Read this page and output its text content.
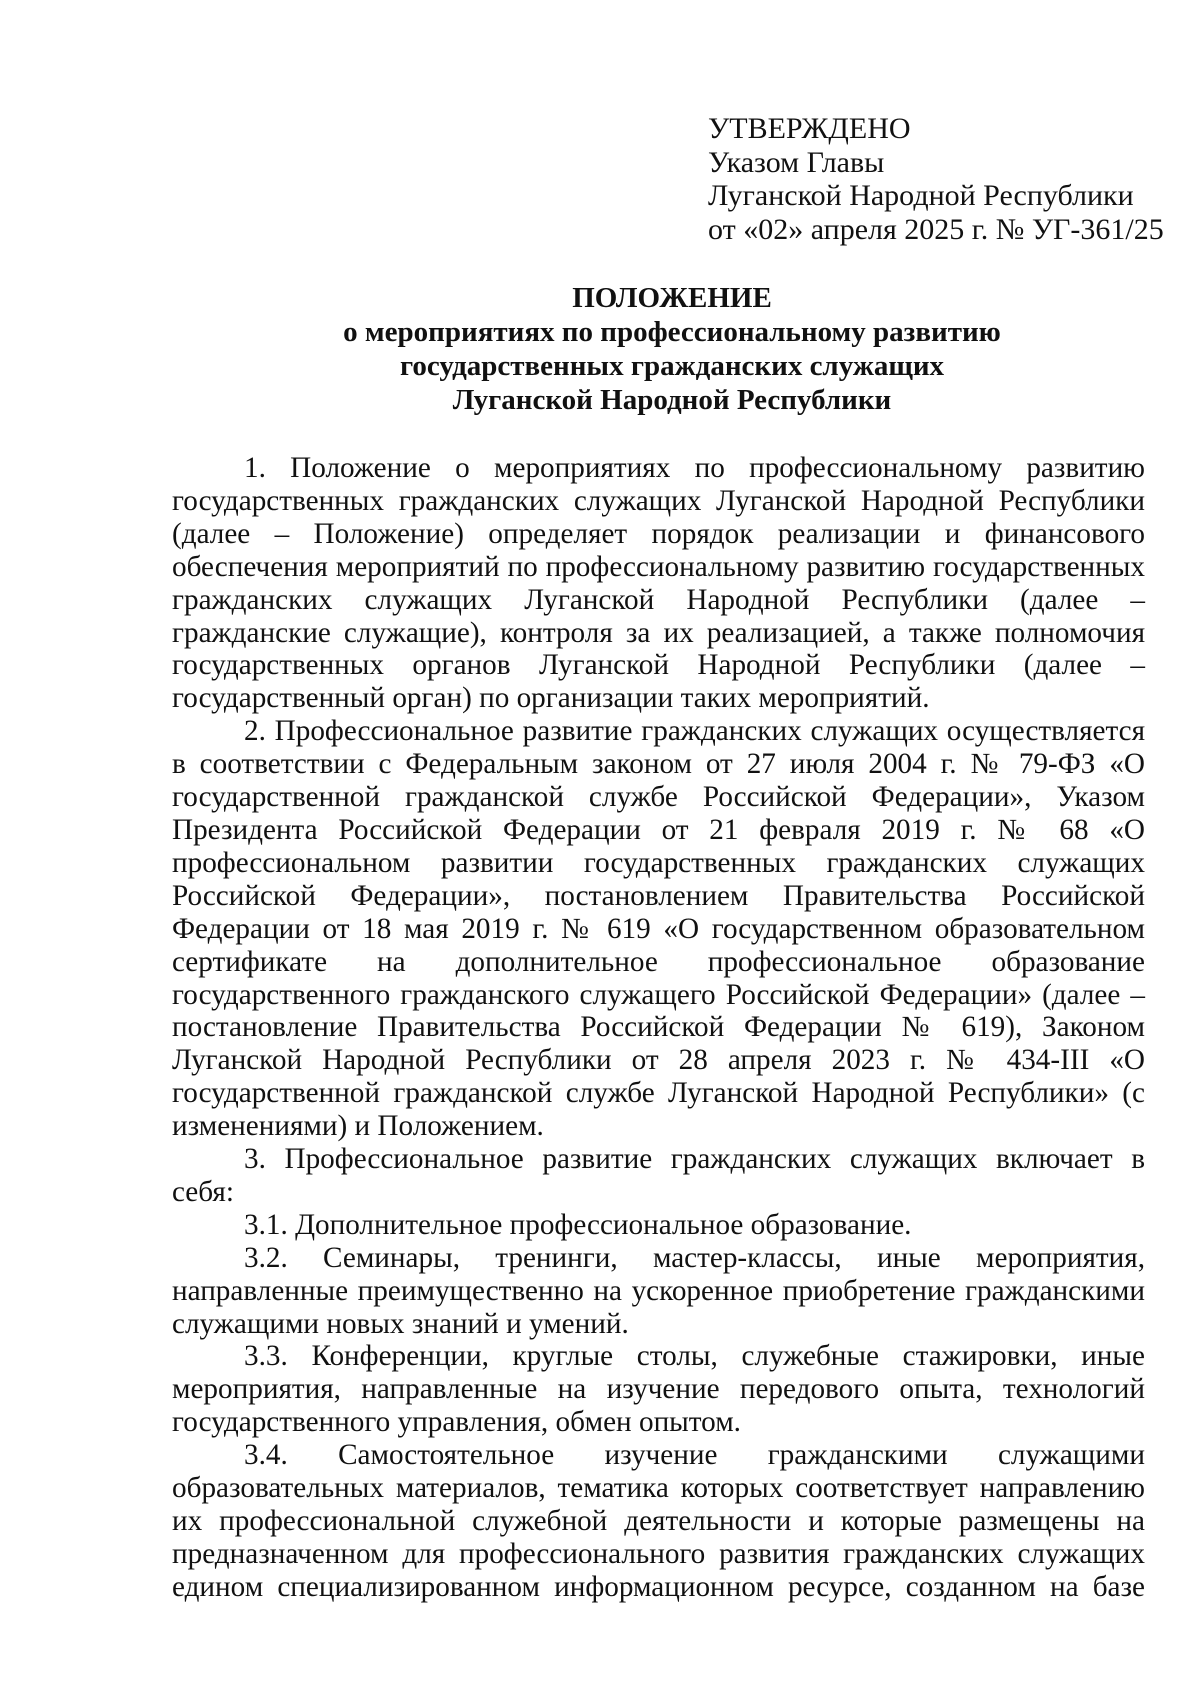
УТВЕРЖДЕНО
Указом Главы
Луганской Народной Республики
от «02» апреля 2025 г. № УГ-361/25
ПОЛОЖЕНИЕ
о мероприятиях по профессиональному развитию
государственных гражданских служащих
Луганской Народной Республики

1. Положение о мероприятиях по профессиональному развитию государственных гражданских служащих Луганской Народной Республики (далее – Положение) определяет порядок реализации и финансового обеспечения мероприятий по профессиональному развитию государственных гражданских служащих Луганской Народной Республики (далее – гражданские служащие), контроля за их реализацией, а также полномочия государственных органов Луганской Народной Республики (далее – государственный орган) по организации таких мероприятий.

2. Профессиональное развитие гражданских служащих осуществляется в соответствии с Федеральным законом от 27 июля 2004 г. № 79-ФЗ «О государственной гражданской службе Российской Федерации», Указом Президента Российской Федерации от 21 февраля 2019 г. № 68 «О профессиональном развитии государственных гражданских служащих Российской Федерации», постановлением Правительства Российской Федерации от 18 мая 2019 г. № 619 «О государственном образовательном сертификате на дополнительное профессиональное образование государственного гражданского служащего Российской Федерации» (далее – постановление Правительства Российской Федерации № 619), Законом Луганской Народной Республики от 28 апреля 2023 г. № 434-III «О государственной гражданской службе Луганской Народной Республики» (с изменениями) и Положением.

3. Профессиональное развитие гражданских служащих включает в себя:

3.1. Дополнительное профессиональное образование.

3.2. Семинары, тренинги, мастер-классы, иные мероприятия, направленные преимущественно на ускоренное приобретение гражданскими служащими новых знаний и умений.

3.3. Конференции, круглые столы, служебные стажировки, иные мероприятия, направленные на изучение передового опыта, технологий государственного управления, обмен опытом.

3.4. Самостоятельное изучение гражданскими служащими образовательных материалов, тематика которых соответствует направлению их профессиональной служебной деятельности и которые размещены на предназначенном для профессионального развития гражданских служащих едином специализированном информационном ресурсе, созданном на базе
